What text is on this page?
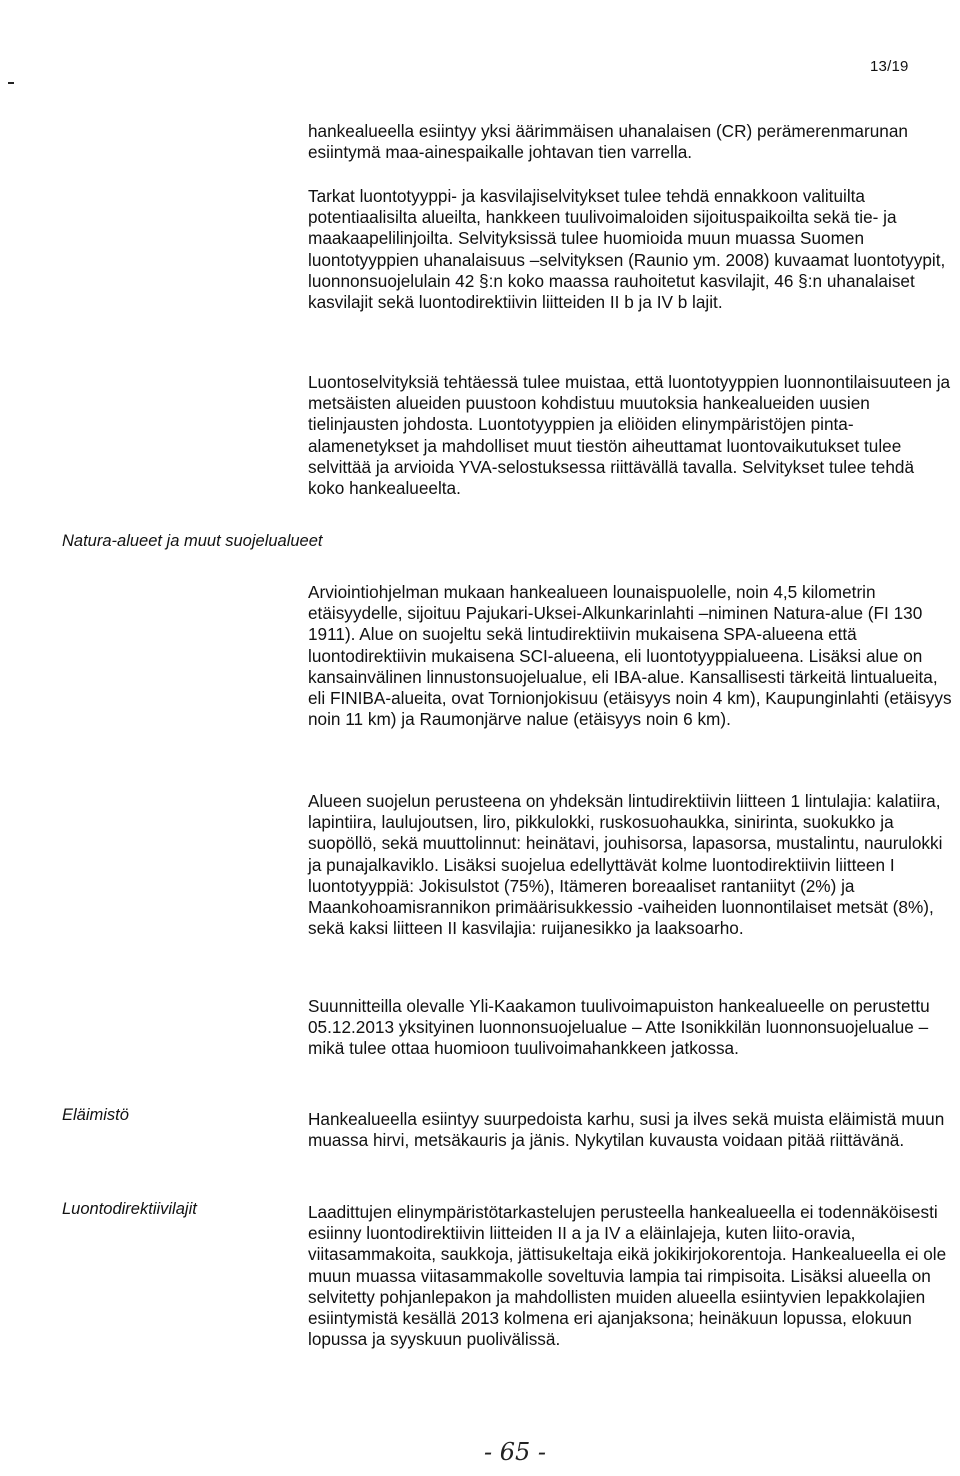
13/19

hankealueella esiintyy yksi äärimmäisen uhanalaisen (CR) perämerenmarunan esiintymä maa-ainespaikalle johtavan tien varrella.

Tarkat luontotyyppi- ja kasvilajiselvitykset tulee tehdä ennakkoon valituilta potentiaalisilta alueilta, hankkeen tuulivoimaloiden sijoituspaikoilta sekä tie- ja maakaapelilinjoilta. Selvityksissä tulee huomioida muun muassa Suomen luontotyyppien uhanalaisuus –selvityksen (Raunio ym. 2008) kuvaamat luontotyypit, luonnonsuojelulain 42 §:n koko maassa rauhoitetut kasvilajit, 46 §:n uhanalaiset kasvilajit sekä luontodirektiivin liitteiden II b ja IV b lajit.

Luontoselvityksiä tehtäessä tulee muistaa, että luontotyyppien luonnontilaisuuteen ja metsäisten alueiden puustoon kohdistuu muutoksia hankealueiden uusien tielinjausten johdosta. Luontotyyppien ja eliöiden elinympäristöjen pinta-alamenetykset ja mahdolliset muut tiestön aiheuttamat luontovaikutukset tulee selvittää ja arvioida YVA-selostuksessa riittävällä tavalla. Selvitykset tulee tehdä koko hankealueelta.

Natura-alueet ja muut suojelualueet

Arviointiohjelman mukaan hankealueen lounaispuolelle, noin 4,5 kilometrin etäisyydelle, sijoituu Pajukari-Uksei-Alkunkarinlahti –niminen Natura-alue (FI 130 1911). Alue on suojeltu sekä lintudirektiivin mukaisena SPA-alueena että luontodirektiivin mukaisena SCI-alueena, eli luontotyyppialueena. Lisäksi alue on kansainvälinen linnustonsuojelualue, eli IBA-alue. Kansallisesti tärkeitä lintualueita, eli FINIBA-alueita, ovat Tornionjokisuu (etäisyys noin 4 km), Kaupunginlahti (etäisyys noin 11 km) ja Raumonjärve nalue (etäisyys noin 6 km).

Alueen suojelun perusteena on yhdeksän lintudirektiivin liitteen 1 lintulajia: kalatiira, lapintiira, laulujoutsen, liro, pikkulokki, ruskosuohaukka, sinirinta, suokukko ja suopöllö, sekä muuttolinnut: heinätavi, jouhisorsa, lapasorsa, mustalintu, naurulokki ja punajalkaviklo. Lisäksi suojelua edellyttävät kolme luontodirektiivin liitteen I luontotyyppiä: Jokisulstot (75%), Itämeren boreaaliset rantaniityt (2%) ja Maankohoamisrannikon primäärisukkessio -vaiheiden luonnontilaiset metsät (8%), sekä kaksi liitteen II kasvilajia: ruijanesikko ja laaksoarho.

Suunnitteilla olevalle Yli-Kaakamon tuulivoimapuiston hankealueelle on perustettu 05.12.2013 yksityinen luonnonsuojelualue – Atte Isonikkilän luonnonsuojelualue – mikä tulee ottaa huomioon tuulivoimahankkeen jatkossa.

Eläimistö	Hankealueella esiintyy suurpedoista karhu, susi ja ilves sekä muista eläimistä muun muassa hirvi, metsäkauris ja jänis. Nykytilan kuvausta voidaan pitää riittävänä.

Luontodirektiivilajit	Laadittujen elinympäristötarkastelujen perusteella hankealueella ei todennäköisesti esiinny luontodirektiivin liitteiden II a ja IV a eläinlajeja, kuten liito-oravia, viitasammakoita, saukkoja, jättisukeltaja eikä jokikirjokorentoja. Hankealueella ei ole muun muassa viitasammakolle soveltuvia lampia tai rimpisoita. Lisäksi alueella on selvitetty pohjanlepakon ja mahdollisten muiden alueella esiintyvien lepakkolajien esiintymistä kesällä 2013 kolmena eri ajanjaksona; heinäkuun lopussa, elokuun lopussa ja syyskuun puolivälissä.

- 65 -
